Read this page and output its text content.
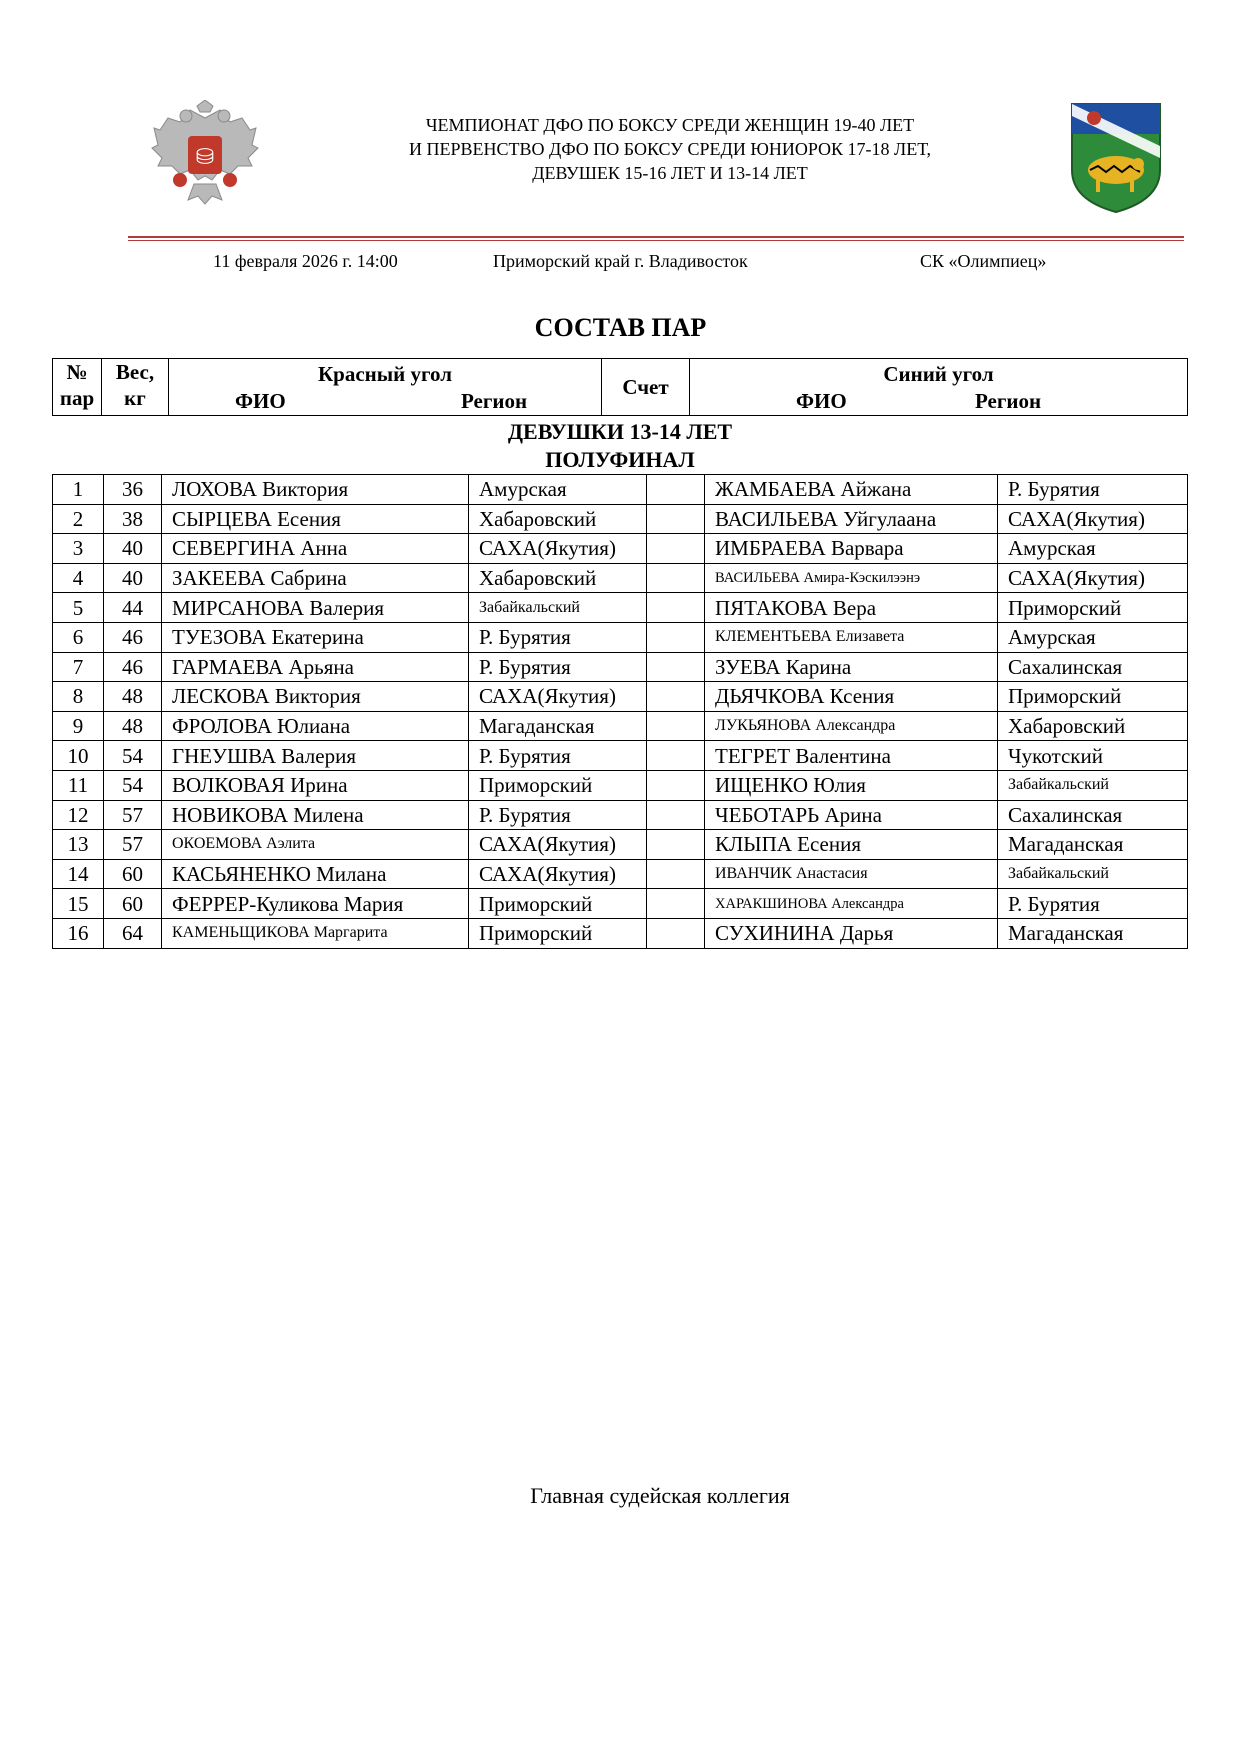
⛁
ЧЕМПИОНАТ ДФО ПО БОКСУ СРЕДИ ЖЕНЩИН 19-40 ЛЕТ
И ПЕРВЕНСТВО ДФО ПО БОКСУ СРЕДИ ЮНИОРОК 17-18 ЛЕТ,
ДЕВУШЕК 15-16 ЛЕТ И 13-14 ЛЕТ
11 февраля 2026 г. 14:00	Приморский край г. Владивосток	СК «Олимпиец»
СОСТАВ ПАР
№
пар

Вес,
кг

Красный угол
ФИО	Регион
	Счет	
Синий угол
ФИО	Регион
ДЕВУШКИ 13-14 ЛЕТ
ПОЛУФИНАЛ
1	36	ЛОХОВА Виктория	Амурская		ЖАМБАЕВА Айжана	Р. Бурятия
2	38	СЫРЦЕВА Есения	Хабаровский		ВАСИЛЬЕВА Уйгулаана	САХА(Якутия)
3	40	СЕВЕРГИНА Анна	САХА(Якутия)		ИМБРАЕВА Варвара	Амурская
4	40	ЗАКЕЕВА Сабрина	Хабаровский		ВАСИЛЬЕВА Амира-Кэскилээнэ	САХА(Якутия)
5	44	МИРСАНОВА Валерия	Забайкальский		ПЯТАКОВА Вера	Приморский
6	46	ТУЕЗОВА Екатерина	Р. Бурятия		КЛЕМЕНТЬЕВА Елизавета	Амурская
7	46	ГАРМАЕВА Арьяна	Р. Бурятия		ЗУЕВА Карина	Сахалинская
8	48	ЛЕСКОВА Виктория	САХА(Якутия)		ДЬЯЧКОВА Ксения	Приморский
9	48	ФРОЛОВА Юлиана	Магаданская		ЛУКЬЯНОВА Александра	Хабаровский
10	54	ГНЕУШВА Валерия	Р. Бурятия		ТЕГРЕТ Валентина	Чукотский
11	54	ВОЛКОВАЯ Ирина	Приморский		ИЩЕНКО Юлия	Забайкальский
12	57	НОВИКОВА Милена	Р. Бурятия		ЧЕБОТАРЬ Арина	Сахалинская
13	57	ОКОЕМОВА Аэлита	САХА(Якутия)		КЛЫПА Есения	Магаданская
14	60	КАСЬЯНЕНКО Милана	САХА(Якутия)		ИВАНЧИК Анастасия	Забайкальский
15	60	ФЕРРЕР-Куликова Мария	Приморский		ХАРАКШИНОВА Александра	Р. Бурятия
16	64	КАМЕНЬЩИКОВА Маргарита	Приморский		СУХИНИНА Дарья	Магаданская
Главная судейская коллегия
